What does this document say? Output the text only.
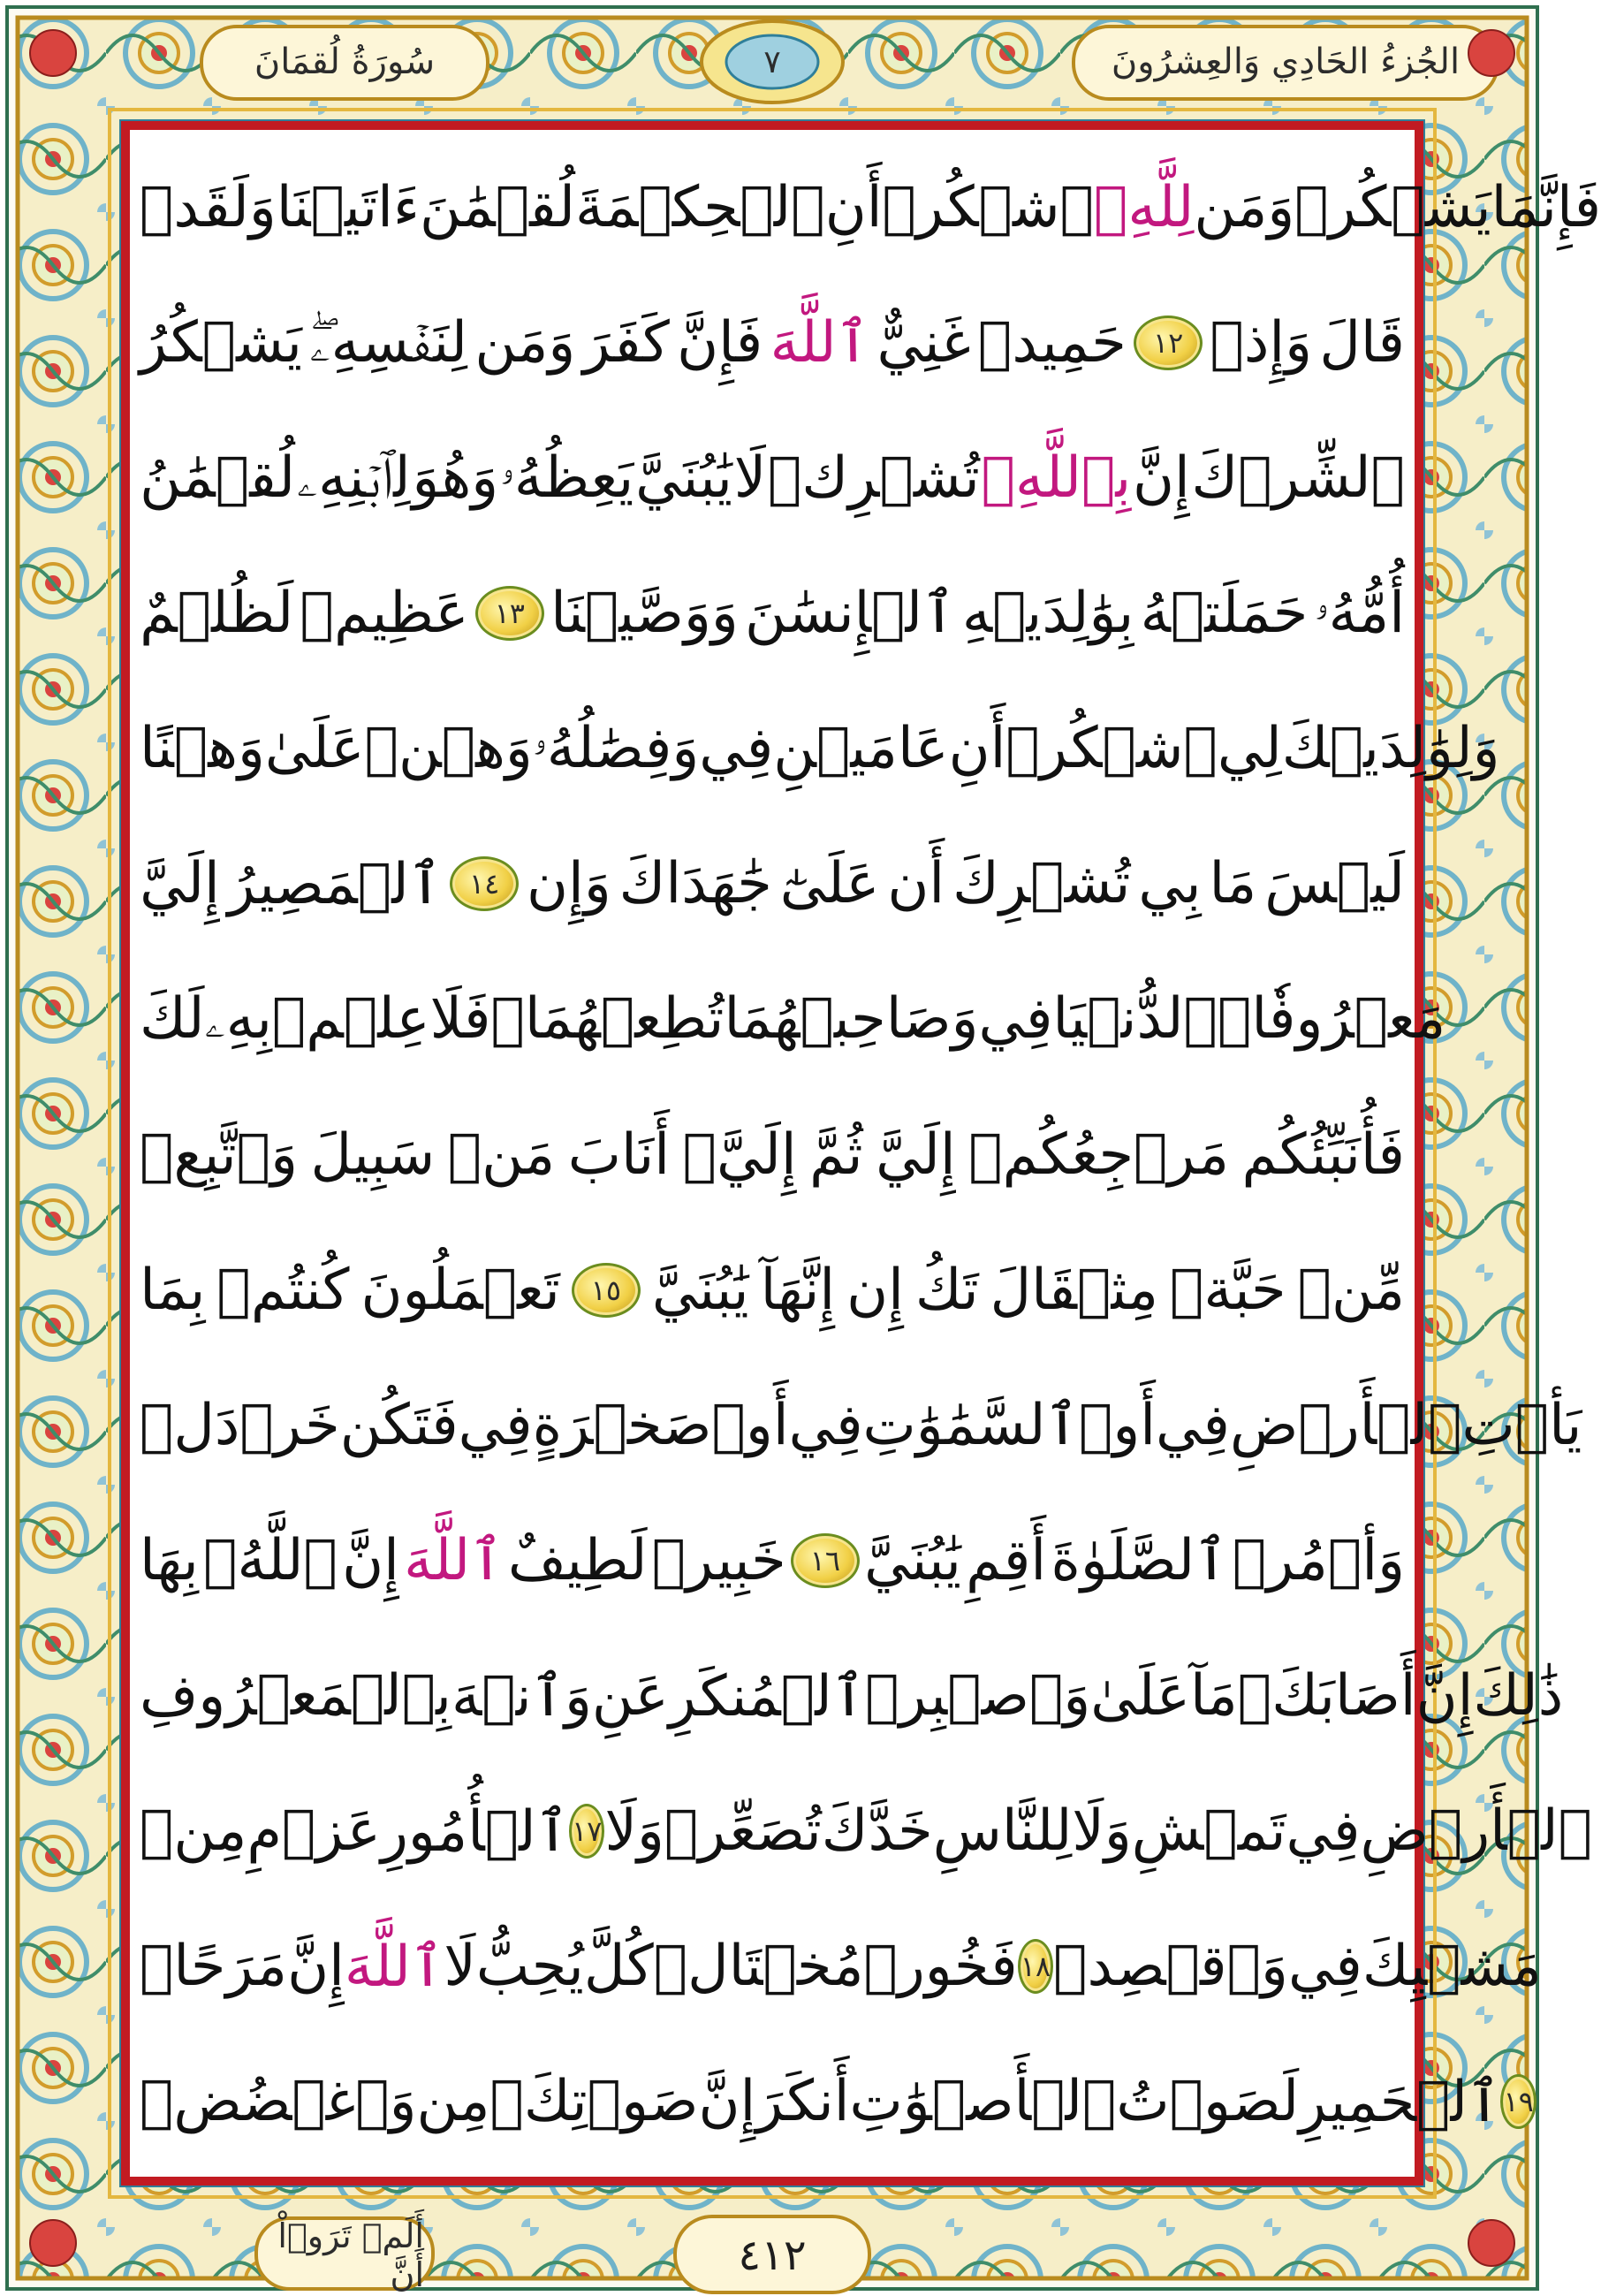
الجُزءُ الحَادِي وَالعِشرُونَ
٧
سُورَةُ لُقمَانَ
وَلَقَدۡ ءَاتَيۡنَا لُقۡمَٰنَ ٱلۡحِكۡمَةَ أَنِ ٱشۡكُرۡ لِلَّهِۚ وَمَن يَشۡكُرۡ فَإِنَّمَا
يَشۡكُرُ لِنَفۡسِهِۦۖ وَمَن كَفَرَ فَإِنَّ ٱللَّهَ غَنِيٌّ حَمِيدٞ ١٢ وَإِذۡ قَالَ
لُقۡمَٰنُ لِٱبۡنِهِۦ وَهُوَ يَعِظُهُۥ يَٰبُنَيَّ لَا تُشۡرِكۡ بِٱللَّهِۖ إِنَّ ٱلشِّرۡكَ
لَظُلۡمٌ عَظِيمٞ ١٣ وَوَصَّيۡنَا ٱلۡإِنسَٰنَ بِوَٰلِدَيۡهِ حَمَلَتۡهُ أُمُّهُۥ
وَهۡنًا عَلَىٰ وَهۡنٖ وَفِصَٰلُهُۥ فِي عَامَيۡنِ أَنِ ٱشۡكُرۡ لِي وَلِوَٰلِدَيۡكَ
إِلَيَّ ٱلۡمَصِيرُ ١٤ وَإِن جَٰهَدَاكَ عَلَىٰٓ أَن تُشۡرِكَ بِي مَا لَيۡسَ
لَكَ بِهِۦ عِلۡمٞ فَلَا تُطِعۡهُمَاۖ وَصَاحِبۡهُمَا فِي ٱلدُّنۡيَا مَعۡرُوفٗاۖ
وَٱتَّبِعۡ سَبِيلَ مَنۡ أَنَابَ إِلَيَّۚ ثُمَّ إِلَيَّ مَرۡجِعُكُمۡ فَأُنَبِّئُكُم
بِمَا كُنتُمۡ تَعۡمَلُونَ	١٥ يَٰبُنَيَّ إِنَّهَآ إِن تَكُ مِثۡقَالَ حَبَّةٖ مِّنۡ
خَرۡدَلٖ فَتَكُن فِي صَخۡرَةٍ أَوۡ فِي ٱلسَّمَٰوَٰتِ أَوۡ فِي ٱلۡأَرۡضِ يَأۡتِ
بِهَا ٱللَّهُۚ إِنَّ ٱللَّهَ لَطِيفٌ خَبِيرٞ ١٦ يَٰبُنَيَّ أَقِمِ ٱلصَّلَوٰةَ وَأۡمُرۡ
بِٱلۡمَعۡرُوفِ وَٱنۡهَ عَنِ ٱلۡمُنكَرِ وَٱصۡبِرۡ عَلَىٰ مَآ أَصَابَكَۖ إِنَّ ذَٰلِكَ
مِنۡ عَزۡمِ ٱلۡأُمُورِ ١٧ وَلَا تُصَعِّرۡ خَدَّكَ لِلنَّاسِ وَلَا تَمۡشِ فِي ٱلۡأَرۡضِ
مَرَحًاۖ إِنَّ ٱللَّهَ لَا يُحِبُّ كُلَّ مُخۡتَالٖ فَخُورٖ ١٨ وَٱقۡصِدۡ فِي مَشۡيِكَ
وَٱغۡضُضۡ مِن صَوۡتِكَۚ إِنَّ أَنكَرَ ٱلۡأَصۡوَٰتِ لَصَوۡتُ ٱلۡحَمِيرِ ١٩
أَلَمۡ تَرَوۡاْ أَنَّ	٤١٢
